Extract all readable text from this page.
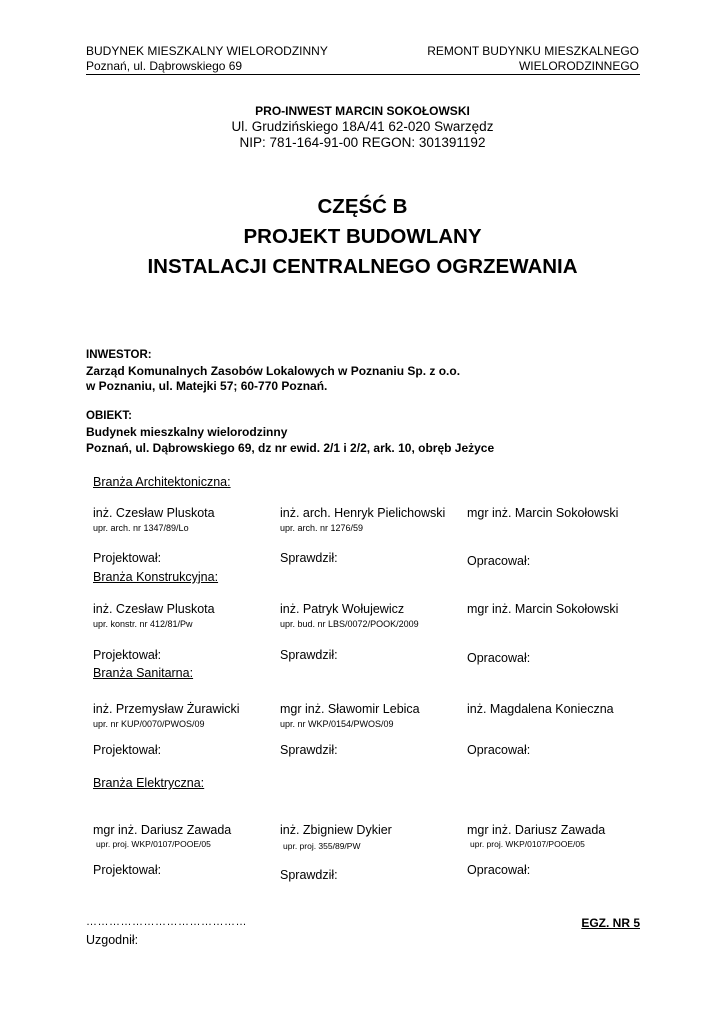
BUDYNEK MIESZKALNY WIELORODZINNY
Poznań, ul. Dąbrowskiego 69
REMONT BUDYNKU MIESZKALNEGO
WIELORODZINNEGO
PRO-INWEST MARCIN SOKOŁOWSKI
Ul. Grudzińskiego 18A/41 62-020 Swarzędz
NIP: 781-164-91-00 REGON: 301391192
CZĘŚĆ B
PROJEKT BUDOWLANY
INSTALACJI CENTRALNEGO OGRZEWANIA
INWESTOR:
Zarząd Komunalnych Zasobów Lokalowych w Poznaniu Sp. z o.o.
w Poznaniu, ul. Matejki 57; 60-770 Poznań.
OBIEKT:
Budynek mieszkalny wielorodzinny
Poznań, ul. Dąbrowskiego 69, dz nr ewid. 2/1 i 2/2, ark. 10, obręb Jeżyce
Branża Architektoniczna:
inż. Czesław Pluskota
upr. arch. nr 1347/89/Lo
Projektował:
inż. arch. Henryk Pielichowski
upr. arch. nr 1276/59
Sprawdził:
mgr inż. Marcin Sokołowski
Opracował:
Branża Konstrukcyjna:
inż. Czesław Pluskota
upr. konstr. nr 412/81/Pw
Projektował:
inż. Patryk Wołujewicz
upr. bud. nr LBS/0072/POOK/2009
Sprawdził:
mgr inż. Marcin Sokołowski
Opracował:
Branża Sanitarna:
inż. Przemysław Żurawicki
upr. nr KUP/0070/PWOS/09
Projektował:
mgr inż. Sławomir Lebica
upr. nr WKP/0154/PWOS/09
Sprawdził:
inż. Magdalena Konieczna
Opracował:
Branża Elektryczna:
mgr inż. Dariusz Zawada
upr. proj. WKP/0107/POOE/05
Projektował:
inż. Zbigniew Dykier
upr. proj. 355/89/PW
Sprawdził:
mgr inż. Dariusz Zawada
upr. proj. WKP/0107/POOE/05
Opracował:
……………………………………
Uzgodnił:
EGZ. NR 5
